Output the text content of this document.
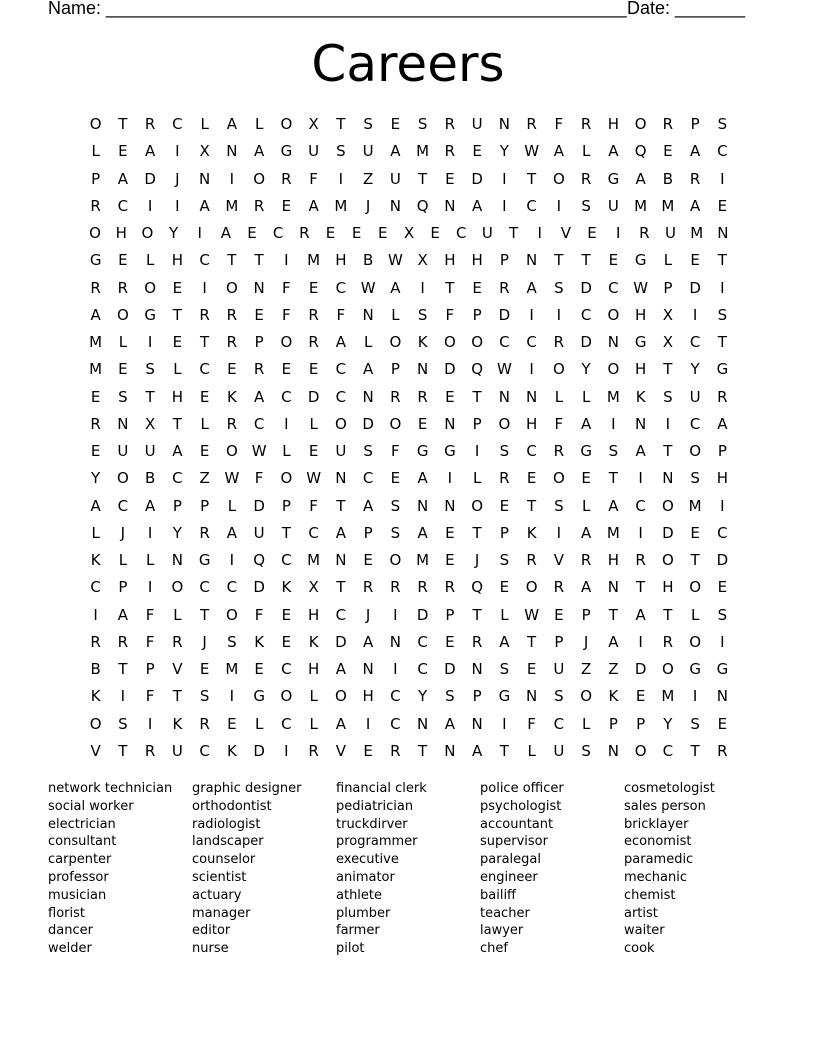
Name: ____________________________________________________ Date: _______
Careers
O	T	R	C	L	A	L	O	X	T	S	E	S	R	U	N	R	F	R	H	O	R	P	S
L	E	A	I	X	N	A	G	U	S	U	A	M	R	E	Y	W A	L	A	Q	E	A	C
P	A	D	J	N	I	O	R	F	I	Z	U	T	E	D	I	T	O	R	G	A	B	R	I
R	C	I	I	A	M	R	E	A	M	J	N	Q	N	A	I	C	I	S	U	M M	A	E
O H O	Y	I	A	E	C	R	E	E	E	X	E	C	U	T	I	V	E	I	R	U M N
G	E	L	H	C	T	T	I	M	H	B W X	H	H	P	N	T	T	E	G	L	E	T
R	R	O	E	I	O	N	F	E	C W A	I	T	E	R	A	S	D	C W	P	D	I
A	O	G	T	R	R	E	F	R	F	N	L	S	F	P	D	I	I	C	O	H	X	I	S
M	L	I	E	T	R	P	O	R	A	L	O	K	O	O	C	C	R	D	N	G	X	C	T
M	E	S	L	C	E	R	E	E	C	A	P	N	D	Q W	I	O	Y	O	H	T	Y	G
E	S	T	H	E	K	A	C	D	C	N	R	R	E	T	N	N	L	L	M	K	S	U	R
R	N	X	T	L	R	C	I	L	O	D	O	E	N	P	O	H	F	A	I	N	I	C	A
E	U	U	A	E	O W	L	E	U	S	F	G	G	I	S	C	R	G	S	A	T	O	P
Y	O	B	C	Z W	F	O W N	C	E	A	I	L	R	E	O	E	T	I	N	S	H
A	C	A	P	P	L	D	P	F	T	A	S	N	N	O	E	T	S	L	A	C	O M	I
L	J	I	Y	R	A	U	T	C	A	P	S	A	E	T	P	K	I	A	M	I	D	E	C
K	L	L	N	G	I	Q	C	M	N	E	O M	E	J	S	R	V	R	H	R	O	T	D
C	P	I	O	C	C	D	K	X	T	R	R	R	R	Q	E	O	R	A	N	T	H	O	E
I	A	F	L	T	O	F	E	H	C	J	I	D	P	T	L	W	E	P	T	A	T	L	S
R	R	F	R	J	S	K	E	K	D	A	N	C	E	R	A	T	P	J	A	I	R	O	I
B	T	P	V	E	M	E	C	H	A	N	I	C	D	N	S	E	U	Z	Z	D	O	G	G
K	I	F	T	S	I	G	O	L	O	H	C	Y	S	P	G	N	S	O	K	E	M	I	N
O	S	I	K	R	E	L	C	L	A	I	C	N	A	N	I	F	C	L	P	P	Y	S	E
V	T	R	U	C	K	D	I	R	V	E	R	T	N	A	T	L	U	S	N	O	C	T	R
network technician
social worker
electrician
consultant
carpenter
professor
musician
florist
dancer
welder
graphic designer
orthodontist
radiologist
landscaper
counselor
scientist
actuary
manager
editor
nurse
financial clerk
pediatrician
truckdirver
programmer
executive
animator
athlete
plumber
farmer
pilot
police officer
psychologist
accountant
supervisor
paralegal
engineer
bailiff
teacher
lawyer
chef
cosmetologist
sales person
bricklayer
economist
paramedic
mechanic
chemist
artist
waiter
cook
